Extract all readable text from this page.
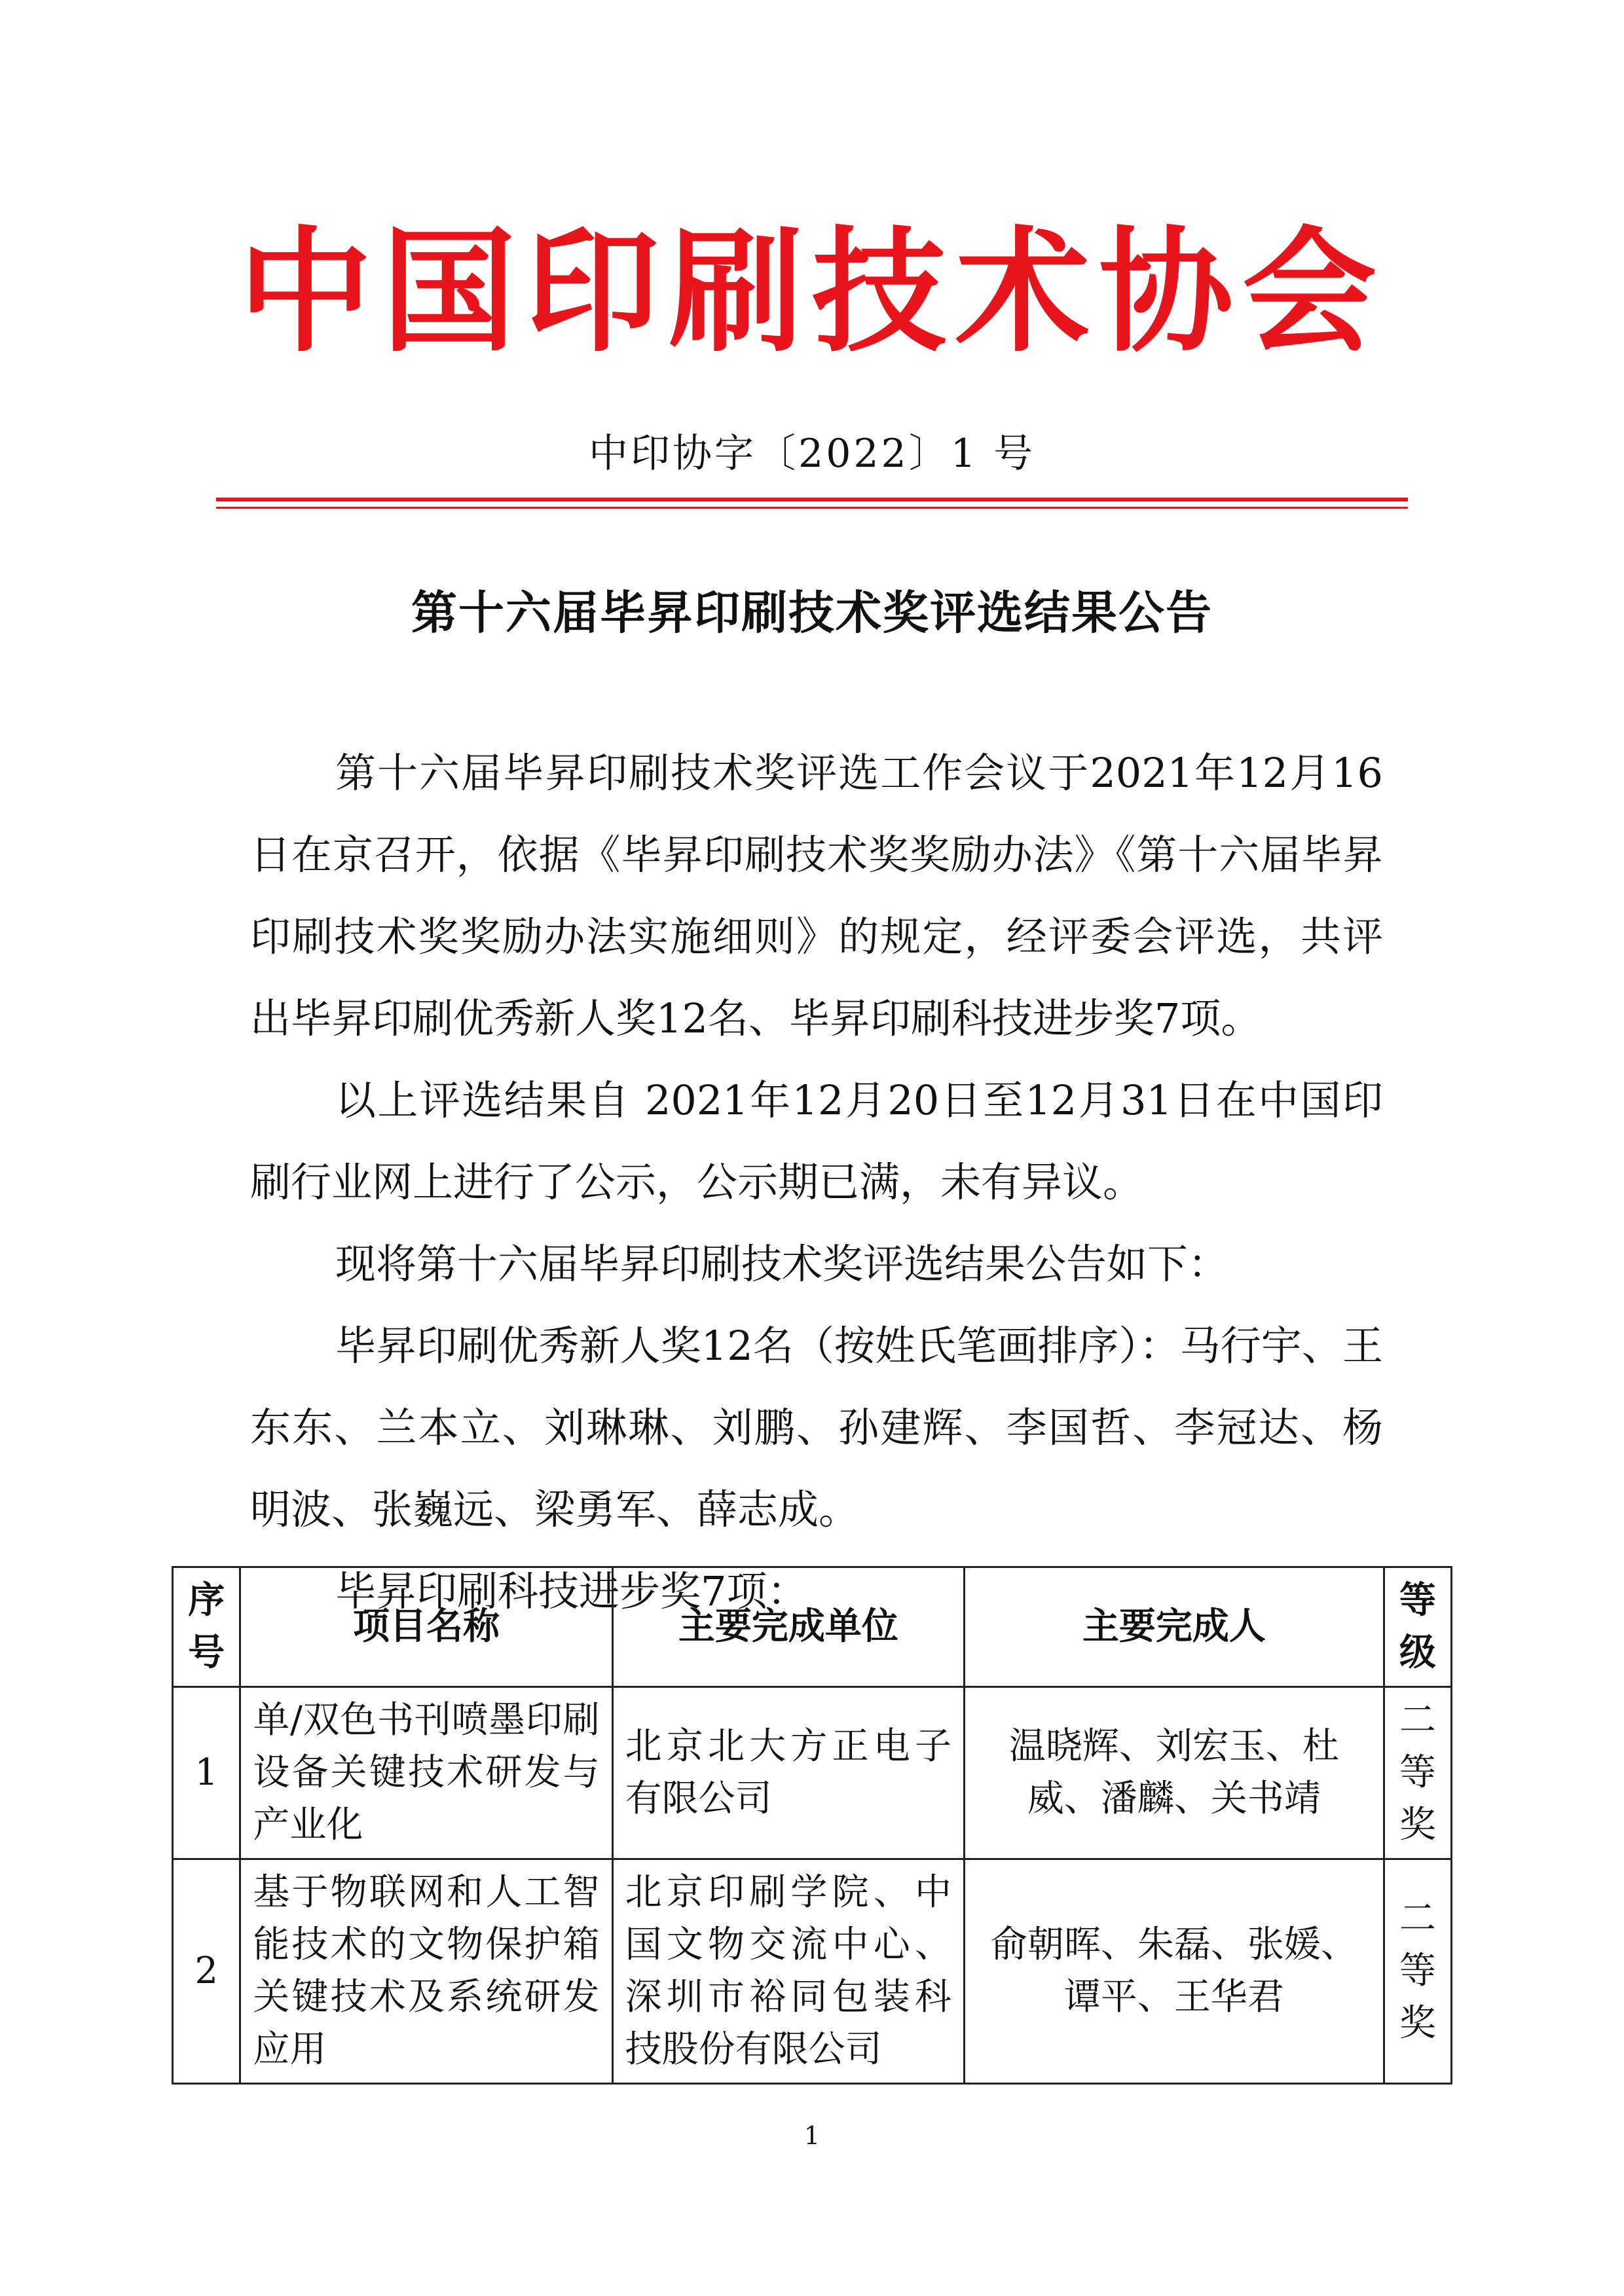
中国印刷技术协会
中印协字〔2022〕1 号
第十六届毕昇印刷技术奖评选结果公告

第十六届毕昇印刷技术奖评选工作会议于2021年12月16日在京召开，依据《毕昇印刷技术奖奖励办法》《第十六届毕昇印刷技术奖奖励办法实施细则》的规定，经评委会评选，共评出毕昇印刷优秀新人奖12名、毕昇印刷科技进步奖7项。

以上评选结果自 2021年12月20日至12月31日在中国印刷行业网上进行了公示，公示期已满，未有异议。

现将第十六届毕昇印刷技术奖评选结果公告如下：

毕昇印刷优秀新人奖12名（按姓氏笔画排序）：马行宇、王东东、兰本立、刘琳琳、刘鹏、孙建辉、李国哲、李冠达、杨明波、张巍远、梁勇军、薛志成。

毕昇印刷科技进步奖7项：

序号	项目名称	主要完成单位	主要完成人	等级
1	单/双色书刊喷墨印刷设备关键技术研发与产业化	北京北大方正电子有限公司	温晓辉、刘宏玉、杜威、潘麟、关书靖	二等奖
2	基于物联网和人工智能技术的文物保护箱关键技术及系统研发应用	北京印刷学院、中国文物交流中心、深圳市裕同包装科技股份有限公司	俞朝晖、朱磊、张媛、谭平、王华君	二等奖
1
